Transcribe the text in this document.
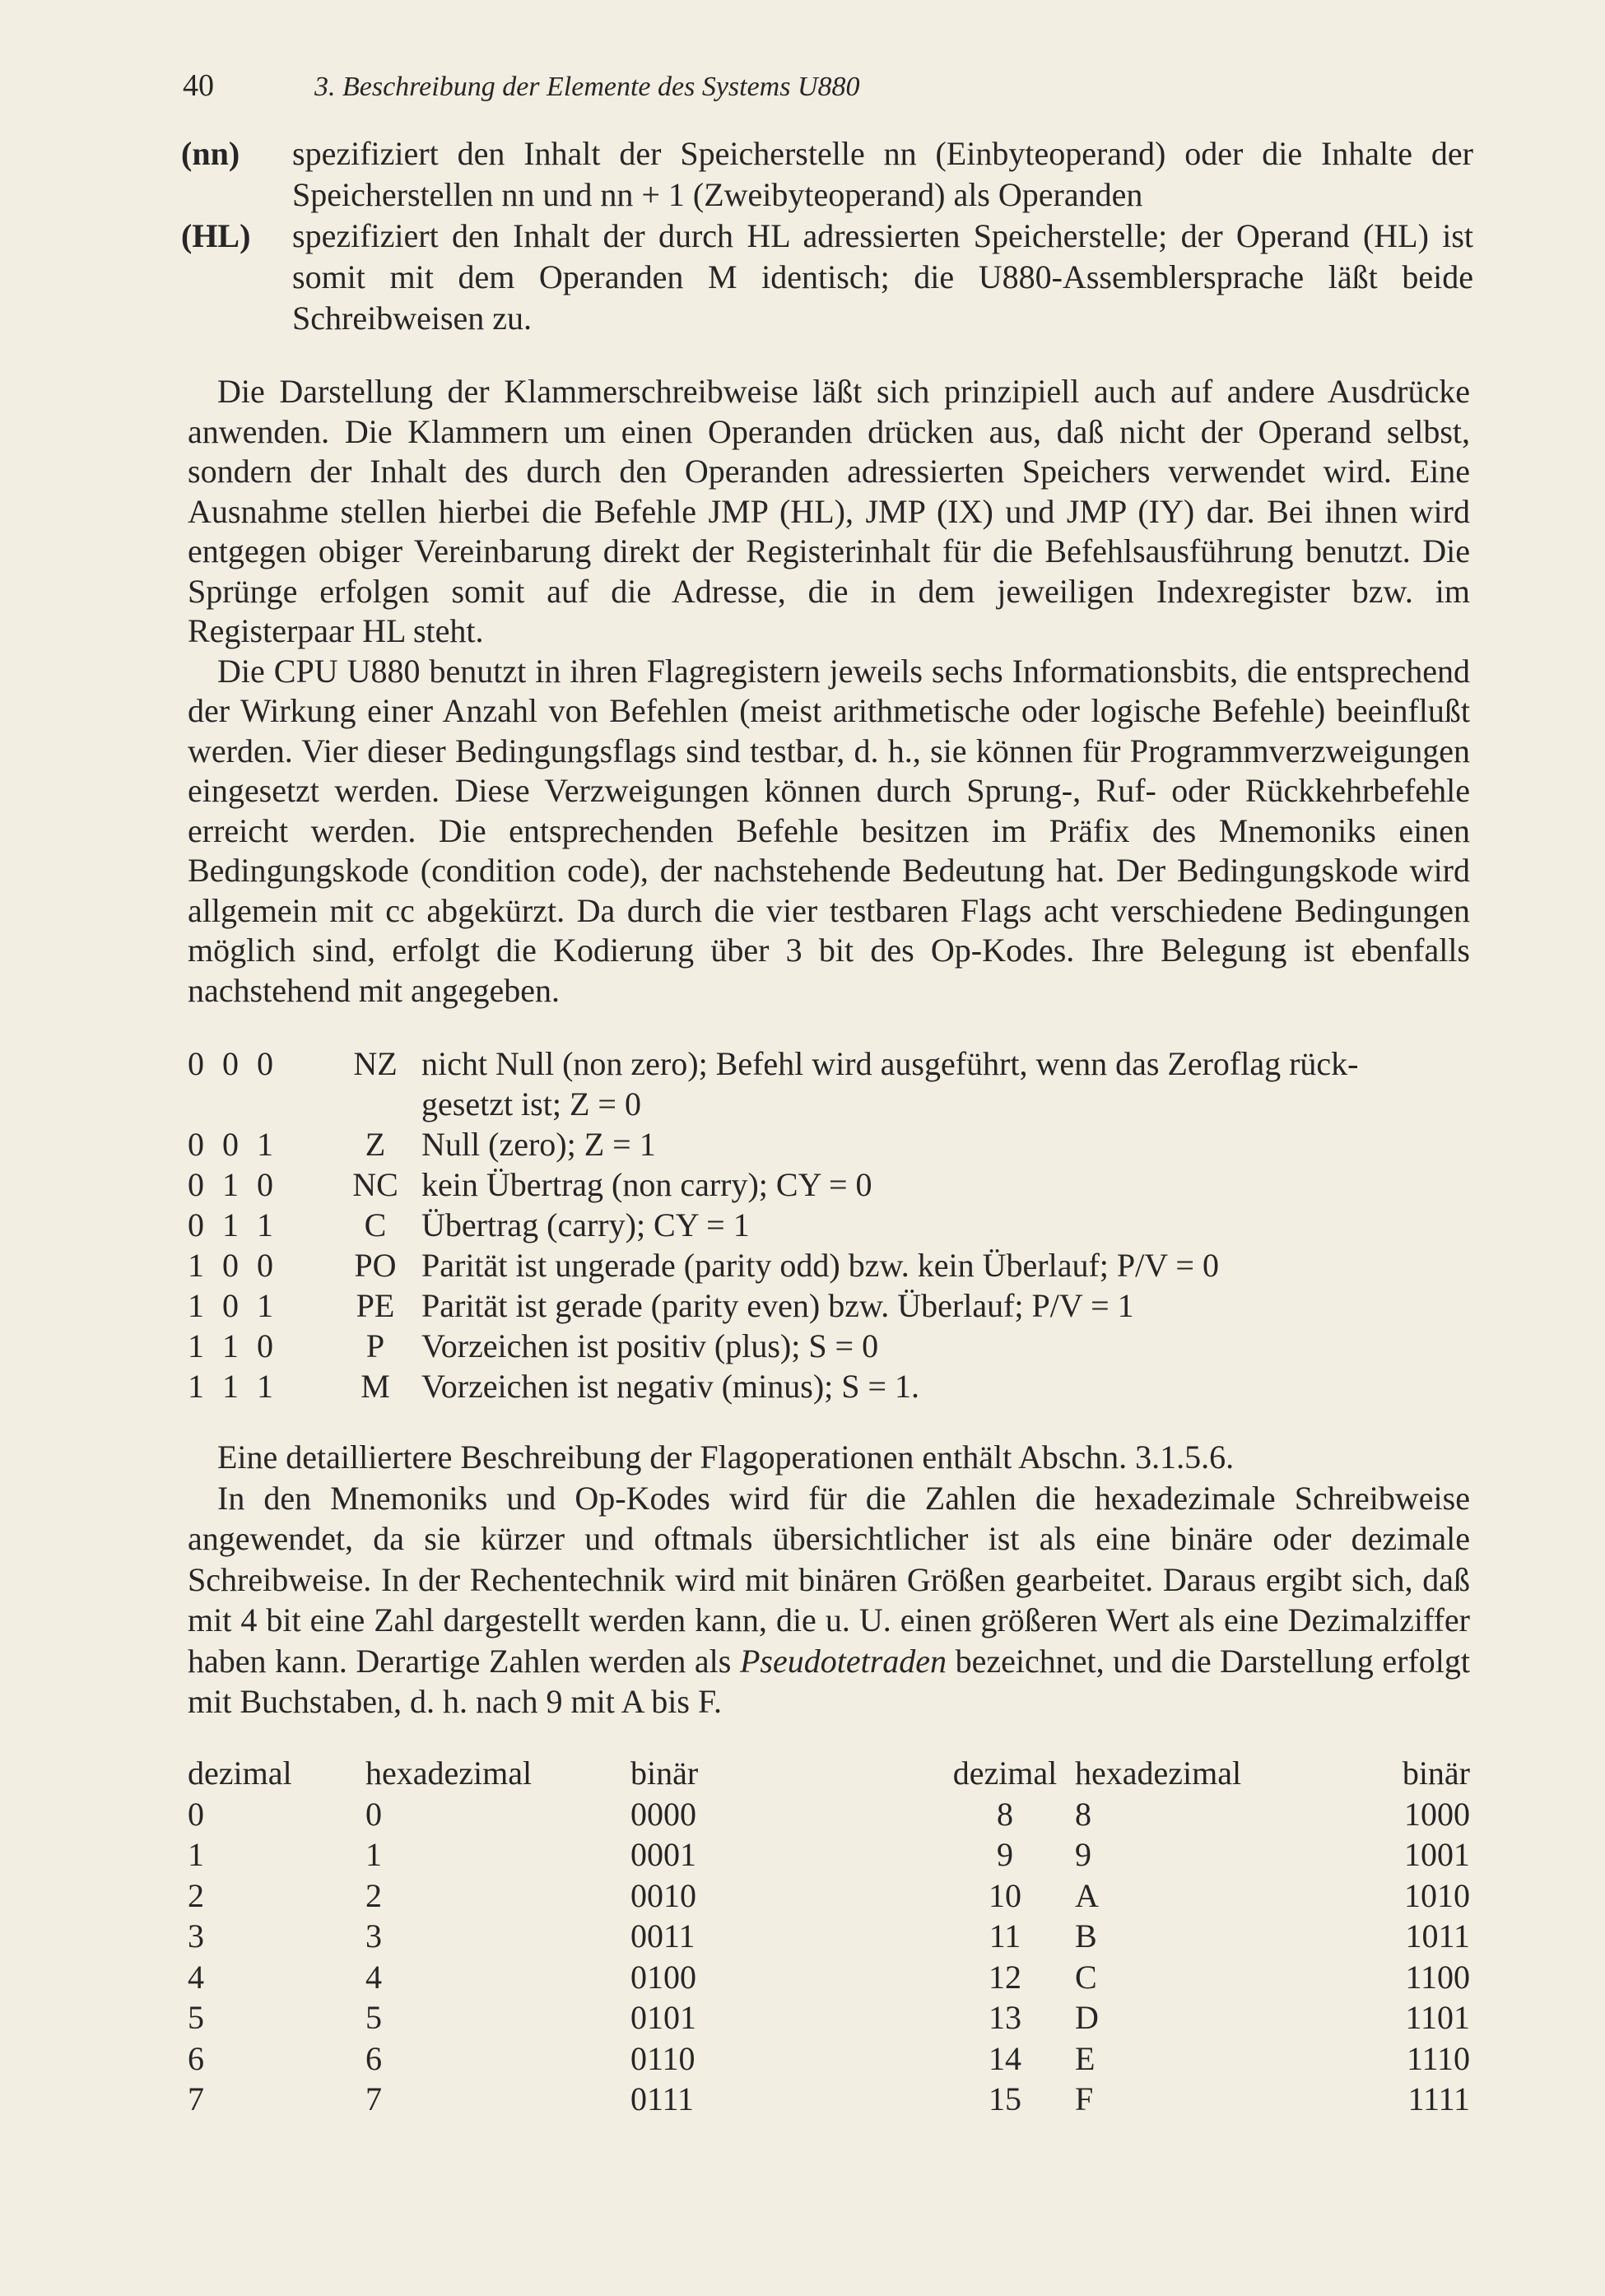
40	3. Beschreibung der Elemente des Systems U880
(nn)	spezifiziert den Inhalt der Speicherstelle nn (Einbyteoperand) oder die Inhalte der Speicherstellen nn und nn + 1 (Zweibyteoperand) als Operanden
(HL)	spezifiziert den Inhalt der durch HL adressierten Speicherstelle; der Operand (HL) ist somit mit dem Operanden M identisch; die U880-Assemblersprache läßt beide Schreibweisen zu.

Die Darstellung der Klammerschreibweise läßt sich prinzipiell auch auf andere Ausdrücke anwenden. Die Klammern um einen Operanden drücken aus, daß nicht der Operand selbst, sondern der Inhalt des durch den Operanden adressierten Speichers verwendet wird. Eine Ausnahme stellen hierbei die Befehle JMP (HL), JMP (IX) und JMP (IY) dar. Bei ihnen wird entgegen obiger Vereinbarung direkt der Registerinhalt für die Befehlsausführung benutzt. Die Sprünge erfolgen somit auf die Adresse, die in dem jeweiligen Indexregister bzw. im Registerpaar HL steht.

Die CPU U880 benutzt in ihren Flagregistern jeweils sechs Informationsbits, die entsprechend der Wirkung einer Anzahl von Befehlen (meist arithmetische oder logische Befehle) beeinflußt werden. Vier dieser Bedingungsflags sind testbar, d. h., sie können für Programmverzweigungen eingesetzt werden. Diese Verzweigungen können durch Sprung-, Ruf- oder Rückkehrbefehle erreicht werden. Die entsprechenden Befehle besitzen im Präfix des Mnemoniks einen Bedingungskode (condition code), der nachstehende Bedeutung hat. Der Bedingungskode wird allgemein mit cc abgekürzt. Da durch die vier testbaren Flags acht verschiedene Bedingungen möglich sind, erfolgt die Kodierung über 3 bit des Op-Kodes. Ihre Belegung ist ebenfalls nachstehend mit angegeben.

0 0 0	NZ	nicht Null (non zero); Befehl wird ausgeführt, wenn das Zeroflag rück-
gesetzt ist; Z = 0
0 0 1	Z	Null (zero); Z = 1
0 1 0	NC	kein Übertrag (non carry); CY = 0
0 1 1	C	Übertrag (carry); CY = 1
1 0 0	PO	Parität ist ungerade (parity odd) bzw. kein Überlauf; P/V = 0
1 0 1	PE	Parität ist gerade (parity even) bzw. Überlauf; P/V = 1
1 1 0	P	Vorzeichen ist positiv (plus); S = 0
1 1 1	M	Vorzeichen ist negativ (minus); S = 1.

Eine detailliertere Beschreibung der Flagoperationen enthält Abschn. 3.1.5.6.

In den Mnemoniks und Op-Kodes wird für die Zahlen die hexadezimale Schreibweise angewendet, da sie kürzer und oftmals übersichtlicher ist als eine binäre oder dezimale Schreibweise. In der Rechentechnik wird mit binären Größen gearbeitet. Daraus ergibt sich, daß mit 4 bit eine Zahl dargestellt werden kann, die u. U. einen größeren Wert als eine Dezimalziffer haben kann. Derartige Zahlen werden als Pseudotetraden bezeichnet, und die Darstellung erfolgt mit Buchstaben, d. h. nach 9 mit A bis F.

dezimal	hexadezimal	binär	dezimal	hexadezimal	binär
0	0	0000	8	8	1000
1	1	0001	9	9	1001
2	2	0010	10	A	1010
3	3	0011	11	B	1011
4	4	0100	12	C	1100
5	5	0101	13	D	1101
6	6	0110	14	E	1110
7	7	0111	15	F	1111
